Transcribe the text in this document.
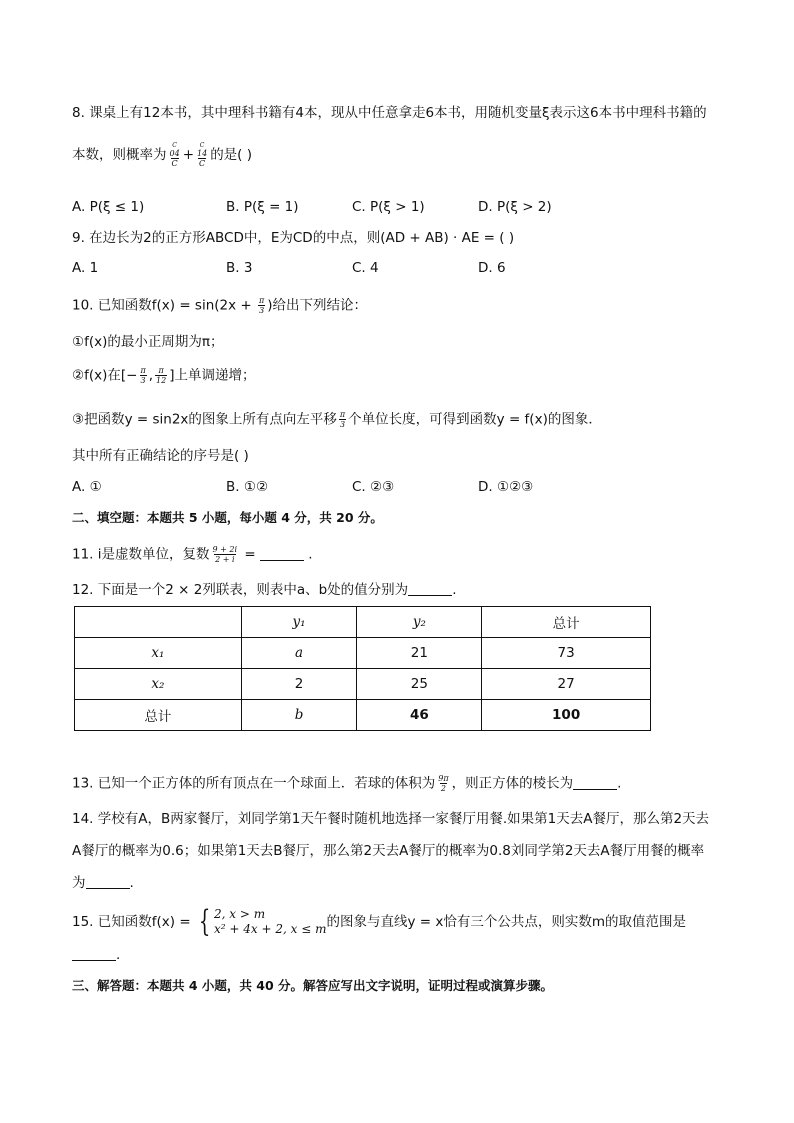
8. 课桌上有12本书，其中理科书籍有4本，现从中任意拿走6本书，用随机变量ξ表示这6本书中理科书籍的
本数，则概率为 C
04
C + C
14
C 的是( )
A. P(ξ ≤ 1)	B. P(ξ = 1)	C. P(ξ > 1)	D. P(ξ > 2)
9. 在边长为2的正方形ABCD中，E为CD的中点，则(AD + AB) · AE = ( )
A. 1	B. 3	C. 4	D. 6
10. 已知函数$f(x) = \sin(2x + \frac{\pi}{3}$ )给出下列结论：
①f(x)的最小正周期为π；
②f(x)在[− $\frac{\pi}{3}$ , $\frac{\pi}{12}$ ]上单调递增；
③把函数y = sin2x的图象上所有点向左平移 $\frac{\pi}{3}$ 个单位长度，可得到函数y = f(x)的图象．
其中所有正确结论的序号是( )
A. ①	B. ①②	C. ②③	D. ①②③
二、填空题：本题共 5 小题，每小题 4 分，共 20 分。
11. i是虚数单位，复数 $\frac{9 + 2i}{2 + i}$ =	.
12. 下面是一个2 × 2列联表，则表中a、b处的值分别为	.
	y₁	y₂	总计
x₁	a	21	73
x₂	2	25	27
总计	b	46	100
13. 已知一个正方体的所有顶点在一个球面上．若球的体积为 $\frac{9\pi}{2}$ ，则正方体的棱长为	.
14. 学校有A，B两家餐厅，刘同学第1天午餐时随机地选择一家餐厅用餐.如果第1天去A餐厅，那么第2天去
A餐厅的概率为0.6；如果第1天去B餐厅，那么第2天去A餐厅的概率为0.8刘同学第2天去A餐厅用餐的概率
为	.
15. 已知函数f(x) = { 2, x > m
x² + 4x + 2, x ≤ m 的图象与直线y = x恰有三个公共点，则实数m的取值范围是
.
三、解答题：本题共 4 小题，共 40 分。解答应写出文字说明，证明过程或演算步骤。
